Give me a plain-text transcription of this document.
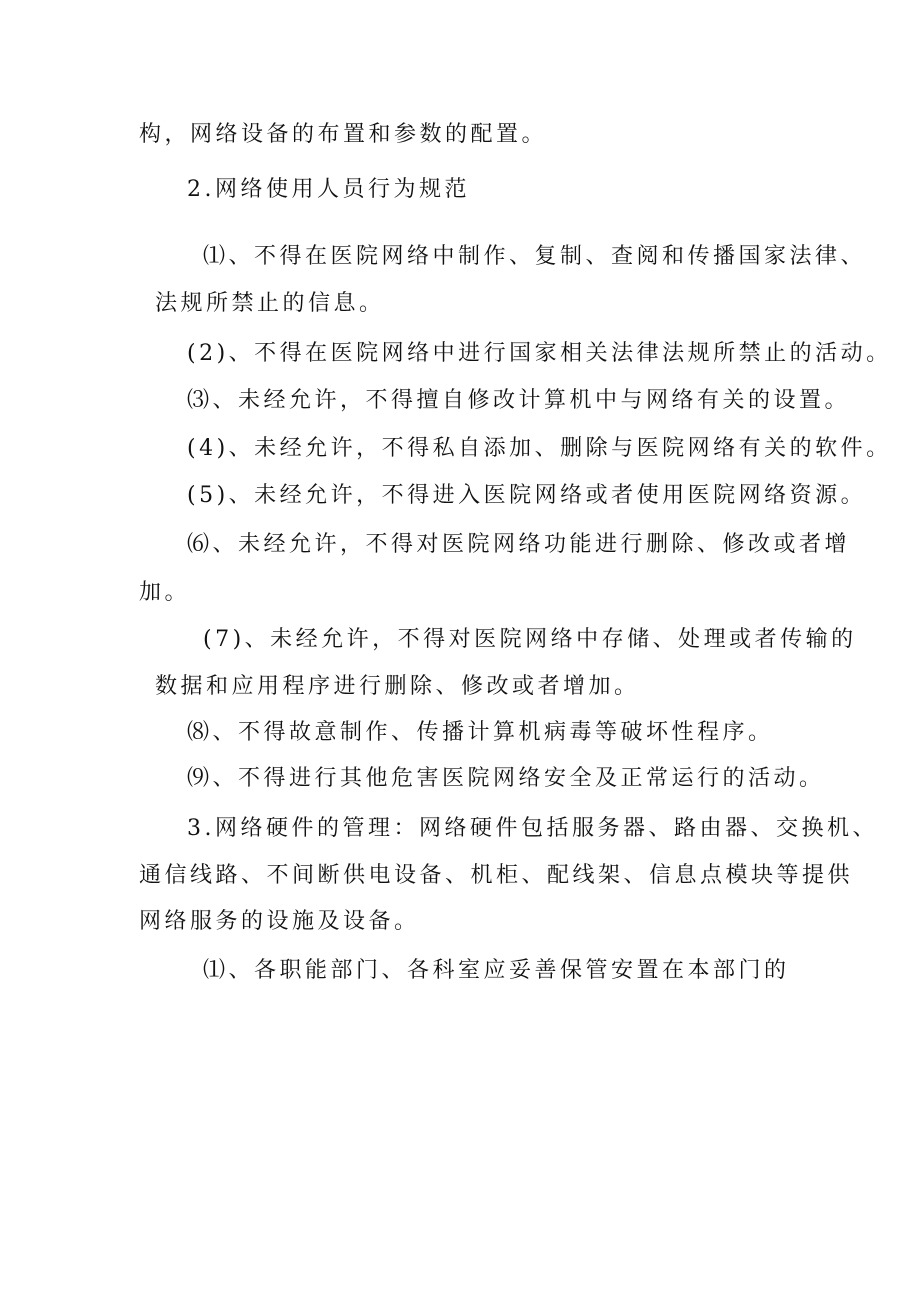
构，网络设备的布置和参数的配置。

2.网络使用人员行为规范

⑴、不得在医院网络中制作、复制、查阅和传播国家法律、

法规所禁止的信息。

(2)、不得在医院网络中进行国家相关法律法规所禁止的活动。

⑶、未经允许，不得擅自修改计算机中与网络有关的设置。

(4)、未经允许，不得私自添加、删除与医院网络有关的软件。

(5)、未经允许，不得进入医院网络或者使用医院网络资源。

⑹、未经允许，不得对医院网络功能进行删除、修改或者增

加。

(7)、未经允许，不得对医院网络中存储、处理或者传输的

数据和应用程序进行删除、修改或者增加。

⑻、不得故意制作、传播计算机病毒等破坏性程序。

⑼、不得进行其他危害医院网络安全及正常运行的活动。

3.网络硬件的管理：网络硬件包括服务器、路由器、交换机、

通信线路、不间断供电设备、机柜、配线架、信息点模块等提供

网络服务的设施及设备。

⑴、各职能部门、各科室应妥善保管安置在本部门的
